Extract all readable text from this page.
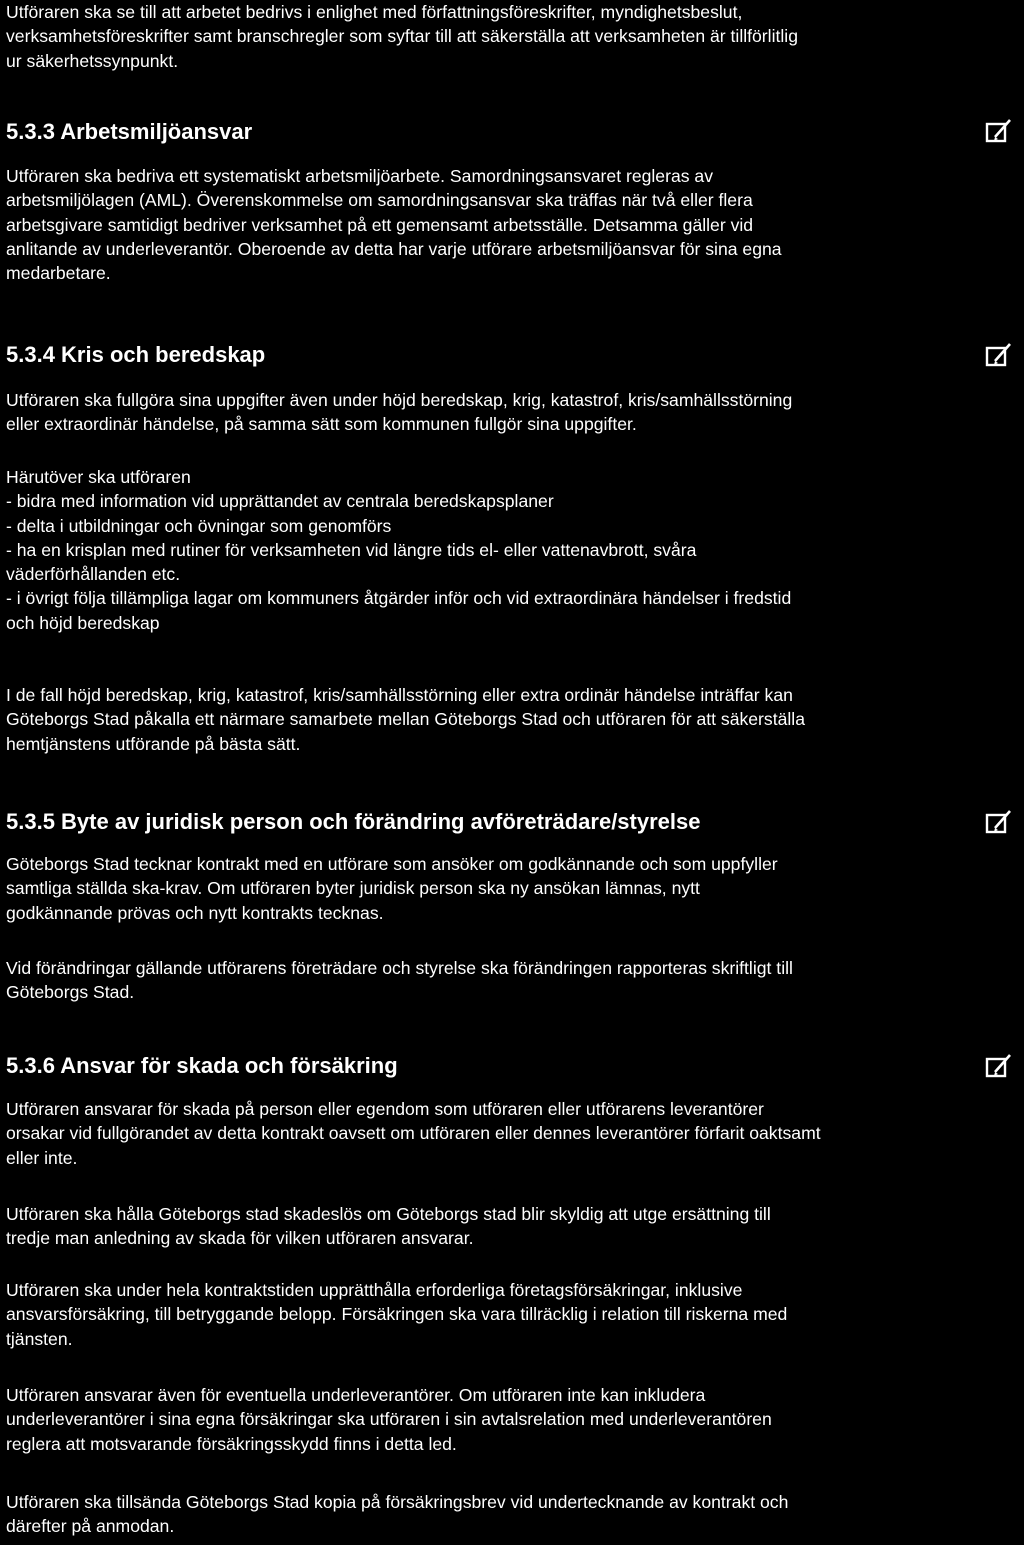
Utföraren ska se till att arbetet bedrivs i enlighet med författningsföreskrifter, myndighetsbeslut,
verksamhetsföreskrifter samt branschregler som syftar till att säkerställa att verksamheten är tillförlitlig
ur säkerhetssynpunkt.

5.3.3 Arbetsmiljöansvar

Utföraren ska bedriva ett systematiskt arbetsmiljöarbete. Samordningsansvaret regleras av
arbetsmiljölagen (AML). Överenskommelse om samordningsansvar ska träffas när två eller flera
arbetsgivare samtidigt bedriver verksamhet på ett gemensamt arbetsställe. Detsamma gäller vid
anlitande av underleverantör. Oberoende av detta har varje utförare arbetsmiljöansvar för sina egna
medarbetare.

5.3.4 Kris och beredskap

Utföraren ska fullgöra sina uppgifter även under höjd beredskap, krig, katastrof, kris/samhällsstörning
eller extraordinär händelse, på samma sätt som kommunen fullgör sina uppgifter.

Härutöver ska utföraren
- bidra med information vid upprättandet av centrala beredskapsplaner
- delta i utbildningar och övningar som genomförs
- ha en krisplan med rutiner för verksamheten vid längre tids el- eller vattenavbrott, svåra
väderförhållanden etc.
- i övrigt följa tillämpliga lagar om kommuners åtgärder inför och vid extraordinära händelser i fredstid
och höjd beredskap

I de fall höjd beredskap, krig, katastrof, kris/samhällsstörning eller extra ordinär händelse inträffar kan
Göteborgs Stad påkalla ett närmare samarbete mellan Göteborgs Stad och utföraren för att säkerställa
hemtjänstens utförande på bästa sätt.

5.3.5 Byte av juridisk person och förändring avföreträdare/styrelse

Göteborgs Stad tecknar kontrakt med en utförare som ansöker om godkännande och som uppfyller
samtliga ställda ska-krav. Om utföraren byter juridisk person ska ny ansökan lämnas, nytt
godkännande prövas och nytt kontrakts tecknas.

Vid förändringar gällande utförarens företrädare och styrelse ska förändringen rapporteras skriftligt till
Göteborgs Stad.

5.3.6 Ansvar för skada och försäkring

Utföraren ansvarar för skada på person eller egendom som utföraren eller utförarens leverantörer
orsakar vid fullgörandet av detta kontrakt oavsett om utföraren eller dennes leverantörer förfarit oaktsamt
eller inte.

Utföraren ska hålla Göteborgs stad skadeslös om Göteborgs stad blir skyldig att utge ersättning till
tredje man anledning av skada för vilken utföraren ansvarar.

Utföraren ska under hela kontraktstiden upprätthålla erforderliga företagsförsäkringar, inklusive
ansvarsförsäkring, till betryggande belopp. Försäkringen ska vara tillräcklig i relation till riskerna med
tjänsten.

Utföraren ansvarar även för eventuella underleverantörer. Om utföraren inte kan inkludera
underleverantörer i sina egna försäkringar ska utföraren i sin avtalsrelation med underleverantören
reglera att motsvarande försäkringsskydd finns i detta led.

Utföraren ska tillsända Göteborgs Stad kopia på försäkringsbrev vid undertecknande av kontrakt och
därefter på anmodan.
